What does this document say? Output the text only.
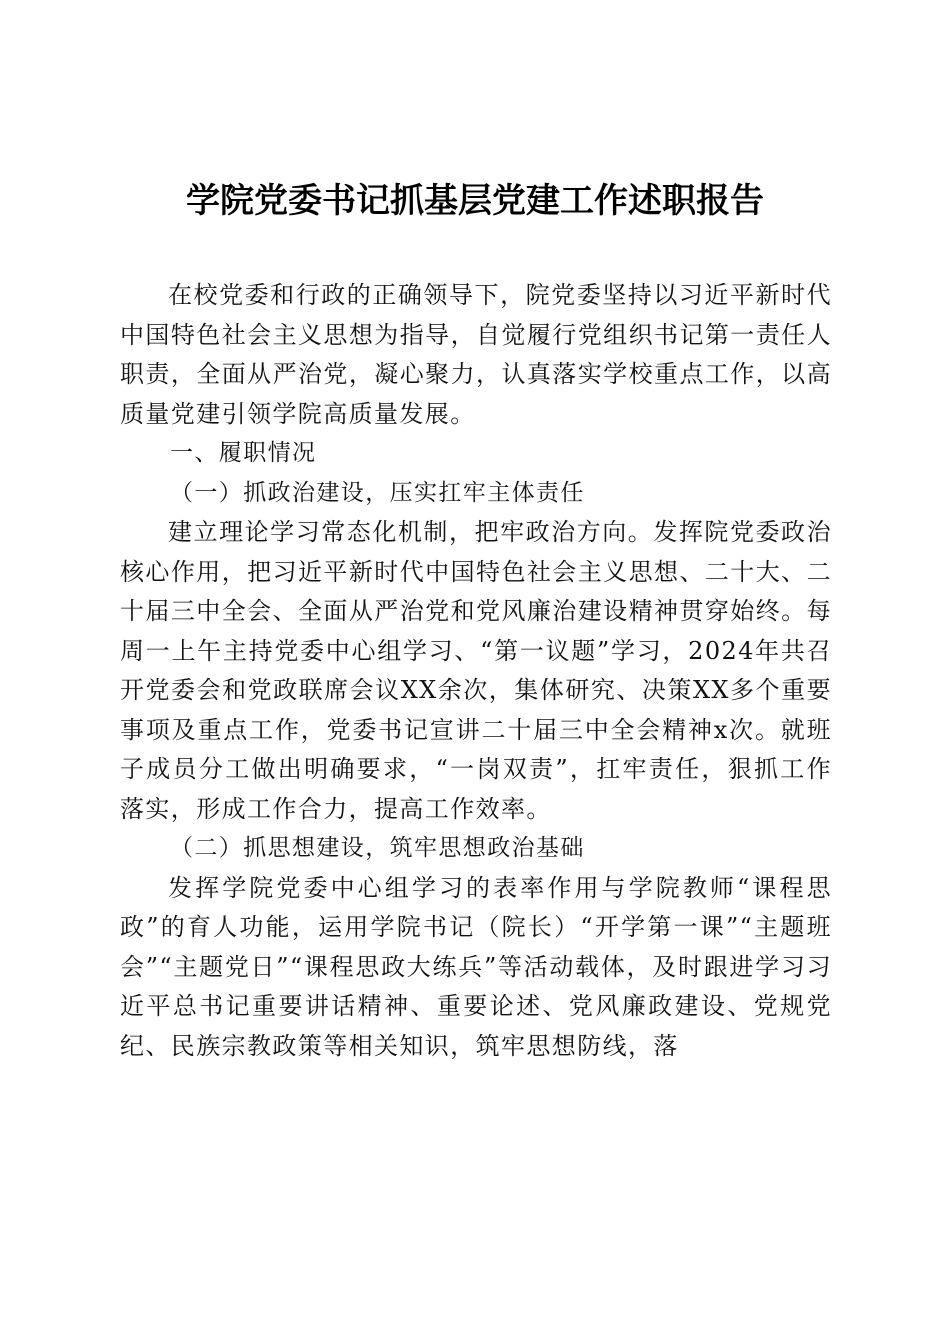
学院党委书记抓基层党建工作述职报告

在校党委和行政的正确领导下，院党委坚持以习近平新时代中国特色社会主义思想为指导，自觉履行党组织书记第一责任人职责，全面从严治党，凝心聚力，认真落实学校重点工作，以高质量党建引领学院高质量发展。

一、履职情况

（一）抓政治建设，压实扛牢主体责任

建立理论学习常态化机制，把牢政治方向。发挥院党委政治核心作用，把习近平新时代中国特色社会主义思想、二十大、二十届三中全会、全面从严治党和党风廉治建设精神贯穿始终。每周一上午主持党委中心组学习、“第一议题”学习，2024年共召开党委会和党政联席会议XX余次，集体研究、决策XX多个重要事项及重点工作，党委书记宣讲二十届三中全会精神x次。就班子成员分工做出明确要求，“一岗双责”，扛牢责任，狠抓工作落实，形成工作合力，提高工作效率。

（二）抓思想建设，筑牢思想政治基础

发挥学院党委中心组学习的表率作用与学院教师“课程思政”的育人功能，运用学院书记（院长）“开学第一课”“主题班会”“主题党日”“课程思政大练兵”等活动载体，及时跟进学习习近平总书记重要讲话精神、重要论述、党风廉政建设、党规党纪、民族宗教政策等相关知识，筑牢思想防线，落
